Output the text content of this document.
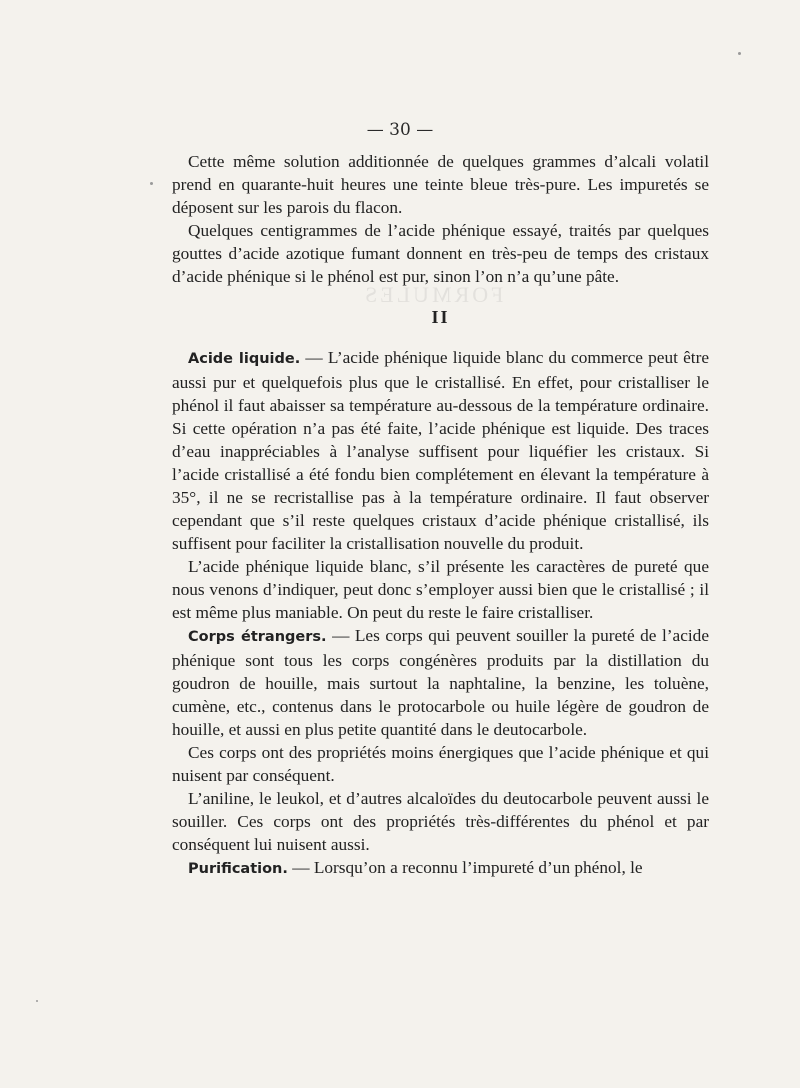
FORMULES
— 30 —

Cette même solution additionnée de quelques grammes d’alcali volatil prend en quarante-huit heures une teinte bleue très-pure. Les impuretés se déposent sur les parois du flacon.

Quelques centigrammes de l’acide phénique essayé, traités par quelques gouttes d’acide azotique fumant donnent en très-peu de temps des cristaux d’acide phénique si le phénol est pur, sinon l’on n’a qu’une pâte.

II

Acide liquide. — L’acide phénique liquide blanc du commerce peut être aussi pur et quelquefois plus que le cristallisé. En effet, pour cristalliser le phénol il faut abaisser sa température au-dessous de la température ordinaire. Si cette opération n’a pas été faite, l’acide phénique est liquide. Des traces d’eau inappréciables à l’analyse suffisent pour liquéfier les cristaux. Si l’acide cristallisé a été fondu bien complétement en élevant la température à 35°, il ne se recristallise pas à la température ordinaire. Il faut observer cependant que s’il reste quelques cristaux d’acide phénique cristallisé, ils suffisent pour faciliter la cristallisation nouvelle du produit.

L’acide phénique liquide blanc, s’il présente les caractères de pureté que nous venons d’indiquer, peut donc s’employer aussi bien que le cristallisé ; il est même plus maniable. On peut du reste le faire cristalliser.

Corps étrangers. — Les corps qui peuvent souiller la pureté de l’acide phénique sont tous les corps congénères produits par la distillation du goudron de houille, mais surtout la naphtaline, la benzine, les toluène, cumène, etc., contenus dans le protocarbole ou huile légère de goudron de houille, et aussi en plus petite quantité dans le deutocarbole.

Ces corps ont des propriétés moins énergiques que l’acide phénique et qui nuisent par conséquent.

L’aniline, le leukol, et d’autres alcaloïdes du deutocarbole peuvent aussi le souiller. Ces corps ont des propriétés très-différentes du phénol et par conséquent lui nuisent aussi.

Purification. — Lorsqu’on a reconnu l’impureté d’un phénol, le
